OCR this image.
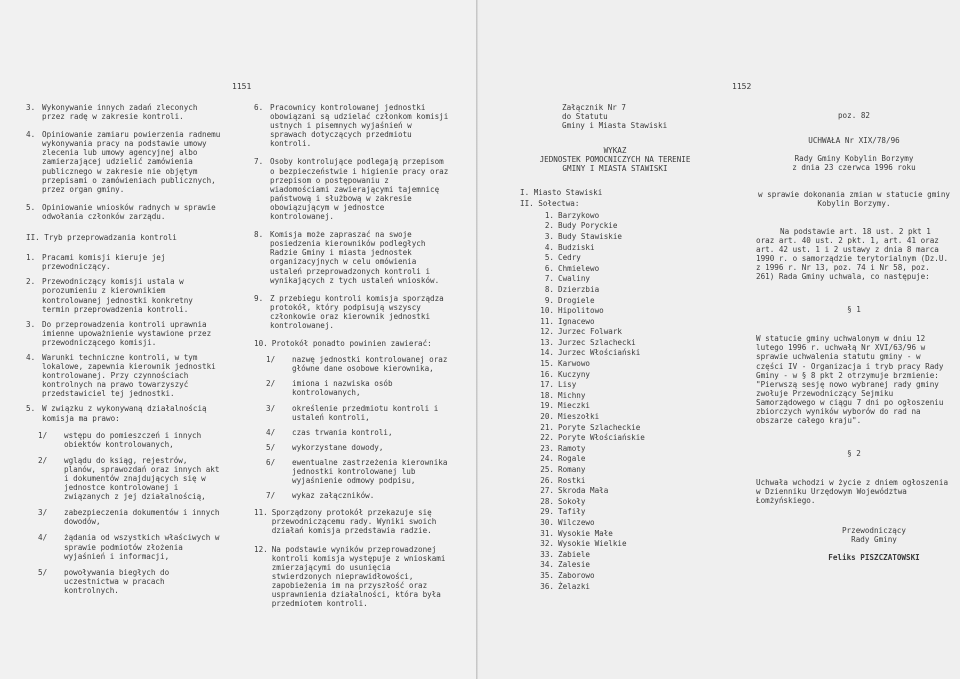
1151
3. Wykonywanie innych zadań zleconych przez radę w zakresie kontroli.
4. Opiniowanie zamiaru powierzenia radnemu wykonywania pracy na podstawie umowy zlecenia lub umowy agencyjnej albo zamierzającej udzielić zamówienia publicznego w zakresie nie objętym przepisami o zamówieniach publicznych, przez organ gminy.
5. Opiniowanie wniosków radnych w sprawie odwołania członków zarządu.

II. Tryb przeprowadzania kontroli

1. Pracami komisji kieruje jej przewodniczący.
2. Przewodniczący komisji ustala w porozumieniu z kierownikiem kontrolowanej jednostki konkretny termin przeprowadzenia kontroli.
3. Do przeprowadzenia kontroli uprawnia imienne upoważnienie wystawione przez przewodniczącego komisji.
4. Warunki techniczne kontroli, w tym lokalowe, zapewnia kierownik jednostki kontrolowanej. Przy czynnościach kontrolnych na prawo towarzyszyć przedstawiciel tej jednostki.
5. W związku z wykonywaną działalnością komisja ma prawo:
1/	wstępu do pomieszczeń i innych obiektów kontrolowanych,
2/	wglądu do ksiąg, rejestrów, planów, sprawozdań oraz innych akt i dokumentów znajdujących się w jednostce kontrolowanej i związanych z jej działalnością,
3/	zabezpieczenia dokumentów i innych dowodów,
4/	żądania od wszystkich właściwych w sprawie podmiotów złożenia wyjaśnień i informacji,
5/	powoływania biegłych do uczestnictwa w pracach kontrolnych.
6. Pracownicy kontrolowanej jednostki obowiązani są udzielać członkom komisji ustnych i pisemnych wyjaśnień w sprawach dotyczących przedmiotu kontroli.
7. Osoby kontrolujące podlegają przepisom o bezpieczeństwie i higienie pracy oraz przepisom o postępowaniu z wiadomościami zawierającymi tajemnicę państwową i służbową w zakresie obowiązującym w jednostce kontrolowanej.
8. Komisja może zapraszać na swoje posiedzenia kierowników podległych Radzie Gminy i miasta jednostek organizacyjnych w celu omówienia ustaleń przeprowadzonych kontroli i wynikających z tych ustaleń wniosków.
9. Z przebiegu kontroli komisja sporządza protokół, który podpisują wszyscy członkowie oraz kierownik jednostki kontrolowanej.
10. Protokół ponadto powinien zawierać:
1/	nazwę jednostki kontrolowanej oraz główne dane osobowe kierownika,
2/	imiona i nazwiska osób kontrolowanych,
3/	określenie przedmiotu kontroli i ustaleń kontroli,
4/	czas trwania kontroli,
5/	wykorzystane dowody,
6/	ewentualne zastrzeżenia kierownika jednostki kontrolowanej lub wyjaśnienie odmowy podpisu,
7/	wykaz załączników.
11. Sporządzony protokół przekazuje się przewodniczącemu rady. Wyniki swoich działań komisja przedstawia radzie.
12. Na podstawie wyników przeprowadzonej kontroli komisja występuje z wnioskami zmierzającymi do usunięcia stwierdzonych nieprawidłowości, zapobieżenia im na przyszłość oraz usprawnienia działalności, która była przedmiotem kontroli.
1152

Załącznik Nr 7

do Statutu

Gminy i Miasta Stawiski

WYKAZ

JEDNOSTEK POMOCNICZYCH NA TERENIE

GMINY I MIASTA STAWISKI

I. Miasto Stawiski

II. Sołectwa:

1. Barzykowo
2. Budy Poryckie
3. Budy Stawiskie
4. Budziski
5. Cedry
6. Chmielewo
7. Cwaliny
8. Dzierzbia
9. Drogiele
10. Hipolitowo
11. Ignacewo
12. Jurzec Folwark
13. Jurzec Szlachecki
14. Jurzec Włościański
15. Karwowo
16. Kuczyny
17. Lisy
18. Michny
19. Mieczki
20. Mieszołki
21. Poryte Szlacheckie
22. Poryte Włościańskie
23. Ramoty
24. Rogale
25. Romany
26. Rostki
27. Skroda Mała
28. Sokoły
29. Tafiły
30. Wilczewo
31. Wysokie Małe
32. Wysokie Wielkie
33. Zabiele
34. Zalesie
35. Zaborowo
36. Żelazki

poz. 82

UCHWAŁA Nr XIX/78/96

Rady Gminy Kobylin Borzymy

z dnia 23 czerwca 1996 roku

w sprawie dokonania zmian w statucie gminy Kobylin Borzymy.

Na podstawie art. 18 ust. 2 pkt 1 oraz art. 40 ust. 2 pkt. 1, art. 41 oraz art. 42 ust. 1 i 2 ustawy z dnia 8 marca 1990 r. o samorządzie terytorialnym (Dz.U. z 1996 r. Nr 13, poz. 74 i Nr 58, poz. 261) Rada Gminy uchwala, co następuje:

§ 1

W statucie gminy uchwalonym w dniu 12 lutego 1996 r. uchwałą Nr XVI/63/96 w sprawie uchwalenia statutu gminy - w części IV - Organizacja i tryb pracy Rady Gminy - w § 8 pkt 2 otrzymuje brzmienie: "Pierwszą sesję nowo wybranej rady gminy zwołuje Przewodniczący Sejmiku Samorządowego w ciągu 7 dni po ogłoszeniu zbiorczych wyników wyborów do rad na obszarze całego kraju".

§ 2

Uchwała wchodzi w życie z dniem ogłoszenia w Dzienniku Urzędowym Województwa Łomżyńskiego.

Przewodniczący

Rady Gminy

Feliks PISZCZATOWSKI
